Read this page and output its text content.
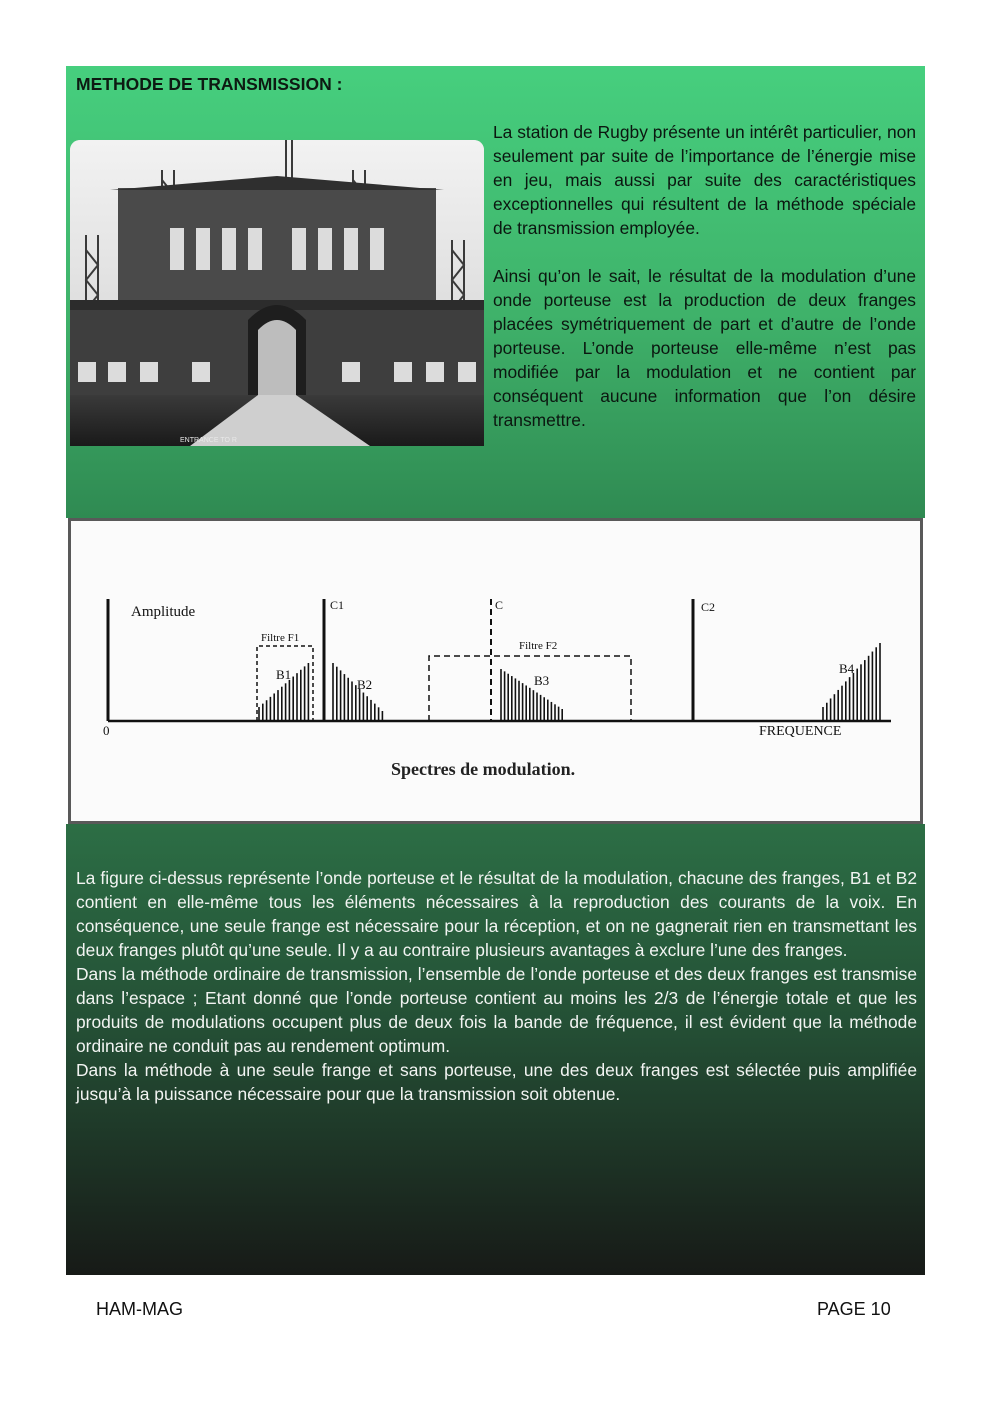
METHODE DE TRANSMISSION :
ENTRANCE TO R

La station de Rugby présente un intérêt particulier, non seulement par suite de l’importance de l’énergie mise en jeu, mais aussi par suite des caractéristiques exceptionnelles qui résultent de la méthode spéciale de transmission employée.

Ainsi qu’on le sait, le résultat de la modulation d’une onde porteuse est la production de deux franges placées symétriquement de part et d’autre de l’onde porteuse. L’onde porteuse elle-même n’est pas modifiée par la modulation et ne contient par conséquent aucune information que l’on désire transmettre.

Amplitude
0	FREQUENCE
C1	C	C2
Filtre F1
Filtre F2
B1
B2	B3
B4
Spectres de modulation.

La figure ci-dessus représente l’onde porteuse et le résultat de la modulation, chacune des franges, B1 et B2 contient en elle-même tous les éléments nécessaires à la reproduction des courants de la voix. En conséquence, une seule frange est nécessaire pour la réception, et on ne gagnerait rien en transmettant les deux franges plutôt qu’une seule. Il y a au contraire plusieurs avantages à exclure l’une des franges.

Dans la méthode ordinaire de transmission, l’ensemble de l’onde porteuse et des deux franges est transmise dans l’espace ; Etant donné que l’onde porteuse contient au moins les 2/3 de l’énergie totale et que les produits de modulations occupent plus de deux fois la bande de fréquence, il est évident que la méthode ordinaire ne conduit pas au rendement optimum.

Dans la méthode à une seule frange et sans porteuse, une des deux franges est sélectée puis amplifiée jusqu’à la puissance nécessaire pour que la transmission soit obtenue.

HAM-MAG	PAGE 10
